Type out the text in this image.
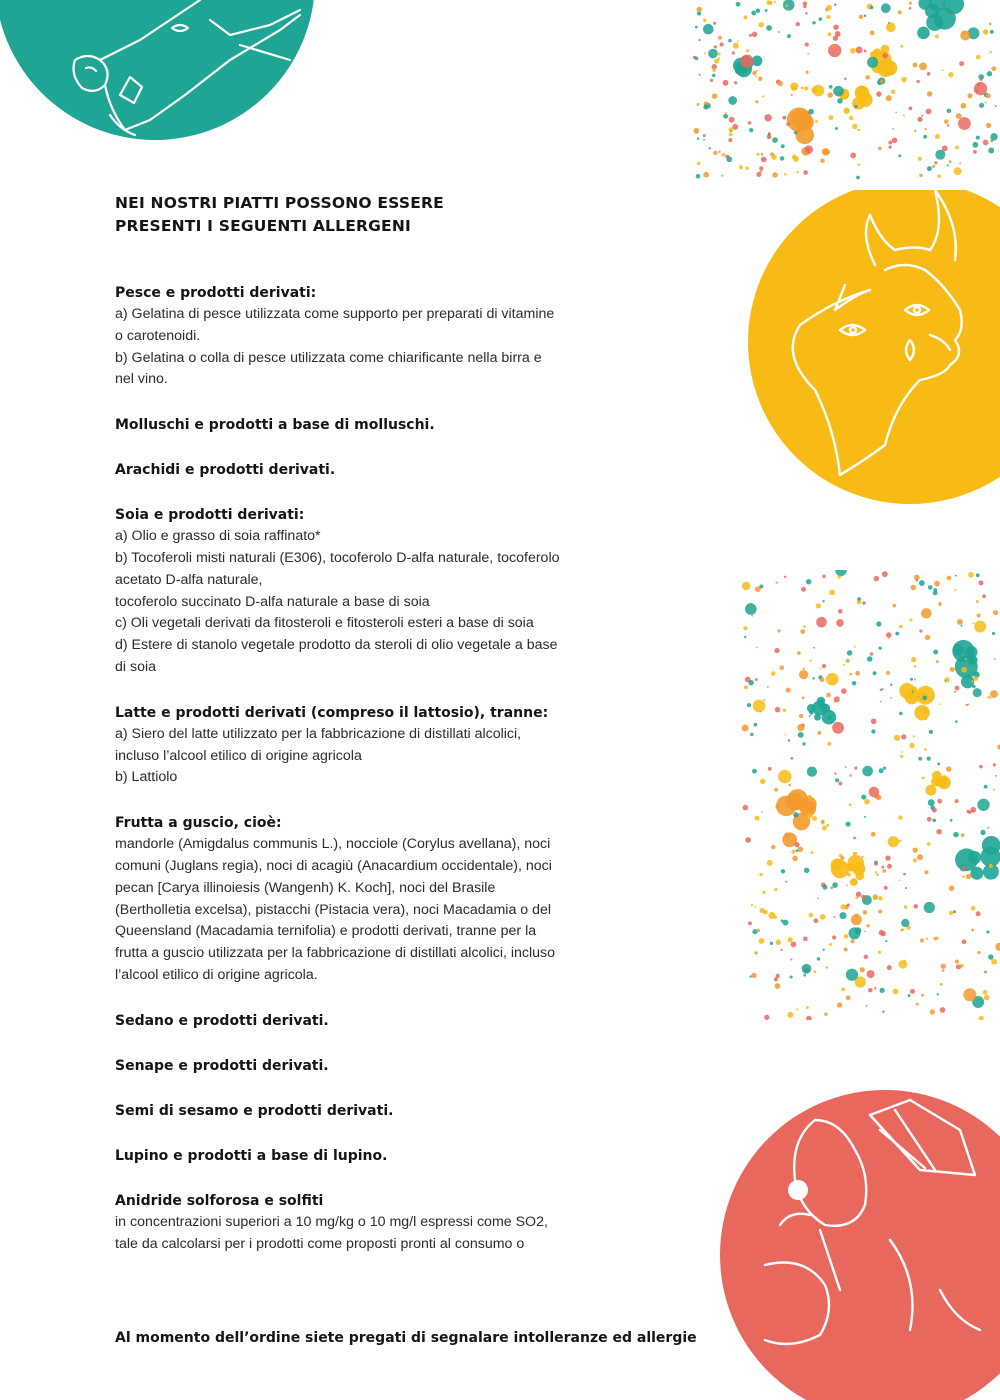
NEI NOSTRI PIATTI POSSONO ESSERE
PRESENTI I SEGUENTI ALLERGENI
Pesce e prodotti derivati:
a) Gelatina di pesce utilizzata come supporto per preparati di vitamine
o carotenoidi.
b) Gelatina o colla di pesce utilizzata come chiarificante nella birra e
nel vino.
Molluschi e prodotti a base di molluschi.
Arachidi e prodotti derivati.
Soia e prodotti derivati:
a) Olio e grasso di soia raffinato*
b) Tocoferoli misti naturali (E306), tocoferolo D-alfa naturale, tocoferolo
acetato D-alfa naturale,
tocoferolo succinato D-alfa naturale a base di soia
c) Oli vegetali derivati da fitosteroli e fitosteroli esteri a base di soia
d) Estere di stanolo vegetale prodotto da steroli di olio vegetale a base
di soia
Latte e prodotti derivati (compreso il lattosio), tranne:
a) Siero del latte utilizzato per la fabbricazione di distillati alcolici,
incluso l’alcool etilico di origine agricola
b) Lattiolo
Frutta a guscio, cioè:
mandorle (Amigdalus communis L.), nocciole (Corylus avellana), noci
comuni (Juglans regia), noci di acagiù (Anacardium occidentale), noci
pecan [Carya illinoiesis (Wangenh) K. Koch], noci del Brasile
(Bertholletia excelsa), pistacchi (Pistacia vera), noci Macadamia o del
Queensland (Macadamia ternifolia) e prodotti derivati, tranne per la
frutta a guscio utilizzata per la fabbricazione di distillati alcolici, incluso
l’alcool etilico di origine agricola.
Sedano e prodotti derivati.
Senape e prodotti derivati.
Semi di sesamo e prodotti derivati.
Lupino e prodotti a base di lupino.
Anidride solforosa e solfiti
in concentrazioni superiori a 10 mg/kg o 10 mg/l espressi come SO2,
tale da calcolarsi per i prodotti come proposti pronti al consumo o
Al momento dell’ordine siete pregati di segnalare intolleranze ed allergie
